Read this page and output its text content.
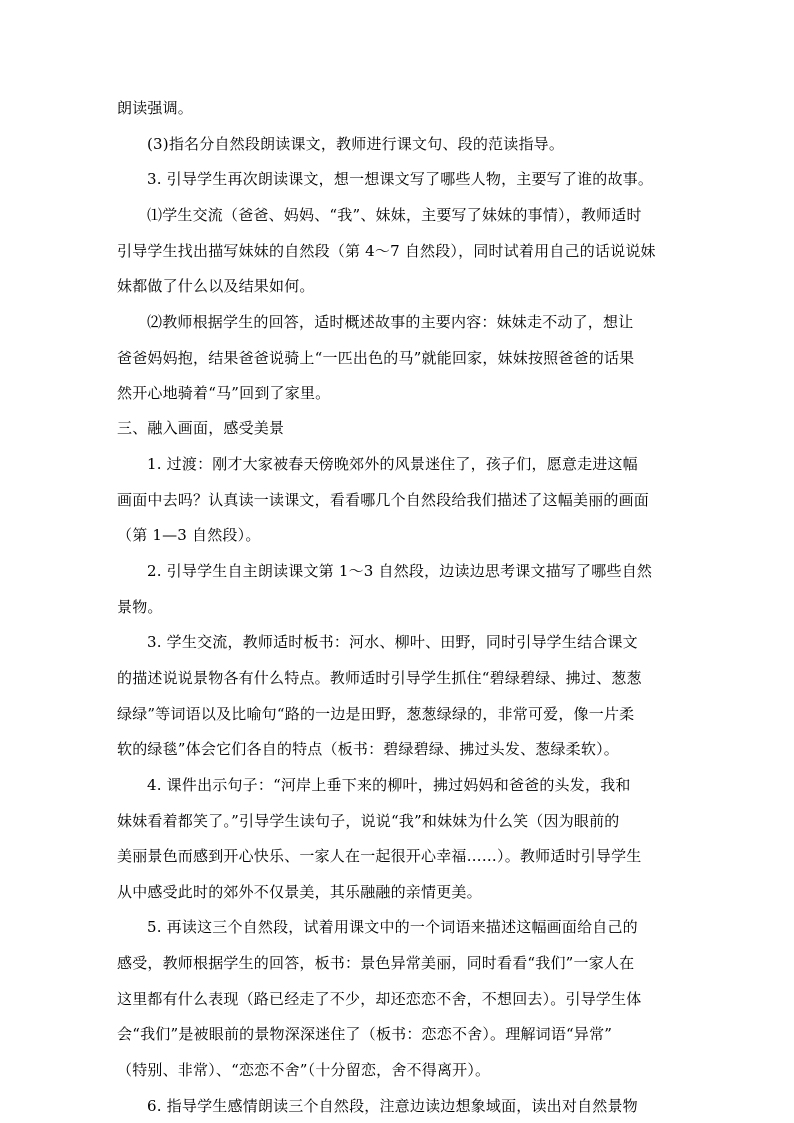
朗读强调。
(3)指名分自然段朗读课文，教师进行课文句、段的范读指导。
3. 引导学生再次朗读课文，想一想课文写了哪些人物，主要写了谁的故事。
⑴学生交流（爸爸、妈妈、“我”、妹妹，主要写了妹妹的事情），教师适时
引导学生找出描写妹妹的自然段（第 4～7 自然段），同时试着用自己的话说说妹
妹都做了什么以及结果如何。
⑵教师根据学生的回答，适时概述故事的主要内容：妹妹走不动了，想让
爸爸妈妈抱，结果爸爸说骑上“一匹出色的马”就能回家，妹妹按照爸爸的话果
然开心地骑着“马”回到了家里。
三、融入画面，感受美景
1. 过渡：刚才大家被春天傍晚郊外的风景迷住了，孩子们，愿意走进这幅
画面中去吗？认真读一读课文，看看哪几个自然段给我们描述了这幅美丽的画面
（第 1—3 自然段）。
2. 引导学生自主朗读课文第 1～3 自然段，边读边思考课文描写了哪些自然
景物。
3. 学生交流，教师适时板书：河水、柳叶、田野，同时引导学生结合课文
的描述说说景物各有什么特点。教师适时引导学生抓住“碧绿碧绿、拂过、葱葱
绿绿”等词语以及比喻句“路的一边是田野，葱葱绿绿的，非常可爱，像一片柔
软的绿毯”体会它们各自的特点（板书：碧绿碧绿、拂过头发、葱绿柔软）。
4. 课件出示句子：“河岸上垂下来的柳叶，拂过妈妈和爸爸的头发，我和
妹妹看着都笑了。”引导学生读句子，说说“我”和妹妹为什么笑（因为眼前的
美丽景色而感到开心快乐、一家人在一起很开心幸福……）。教师适时引导学生
从中感受此时的郊外不仅景美，其乐融融的亲情更美。
5. 再读这三个自然段，试着用课文中的一个词语来描述这幅画面给自己的
感受，教师根据学生的回答，板书：景色异常美丽，同时看看“我们”一家人在
这里都有什么表现（路已经走了不少，却还恋恋不舍，不想回去）。引导学生体
会“我们”是被眼前的景物深深迷住了（板书：恋恋不舍）。理解词语“异常”
（特别、非常）、“恋恋不舍”（十分留恋，舍不得离开）。
6. 指导学生感情朗读三个自然段，注意边读边想象域面，读出对自然景物
